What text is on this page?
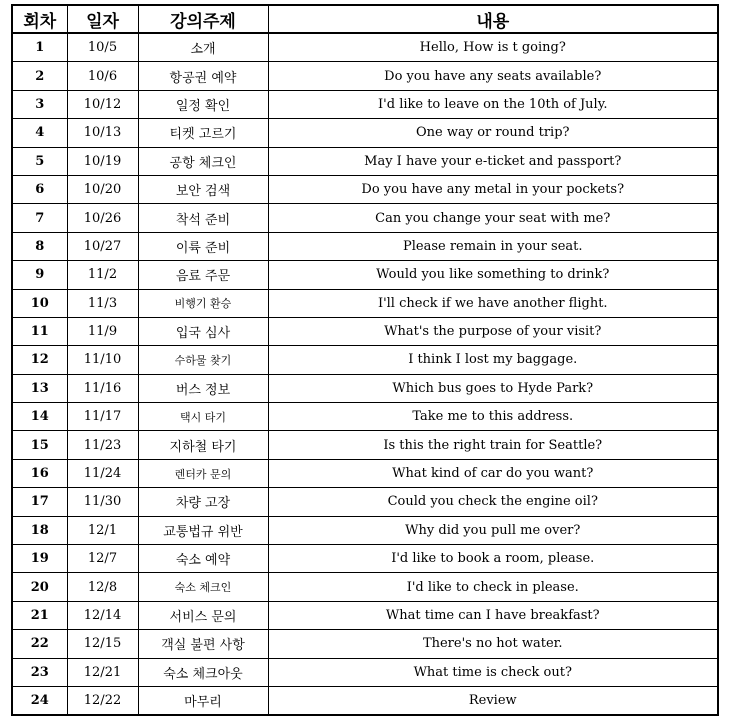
회차	일자	강의주제	내용
1	10/5	소개	Hello, How is t going?
2	10/6	항공권 예약	Do you have any seats available?
3	10/12	일정 확인	I'd like to leave on the 10th of July.
4	10/13	티켓 고르기	One way or round trip?
5	10/19	공항 체크인	May I have your e-ticket and passport?
6	10/20	보안 검색	Do you have any metal in your pockets?
7	10/26	착석 준비	Can you change your seat with me?
8	10/27	이륙 준비	Please remain in your seat.
9	11/2	음료 주문	Would you like something to drink?
10	11/3	비행기 환승	I'll check if we have another flight.
11	11/9	입국 심사	What's the purpose of your visit?
12	11/10	수하물 찾기	I think I lost my baggage.
13	11/16	버스 정보	Which bus goes to Hyde Park?
14	11/17	택시 타기	Take me to this address.
15	11/23	지하철 타기	Is this the right train for Seattle?
16	11/24	렌터카 문의	What kind of car do you want?
17	11/30	차량 고장	Could you check the engine oil?
18	12/1	교통법규 위반	Why did you pull me over?
19	12/7	숙소 예약	I'd like to book a room, please.
20	12/8	숙소 체크인	I'd like to check in please.
21	12/14	서비스 문의	What time can I have breakfast?
22	12/15	객실 불편 사항	There's no hot water.
23	12/21	숙소 체크아웃	What time is check out?
24	12/22	마무리	Review
